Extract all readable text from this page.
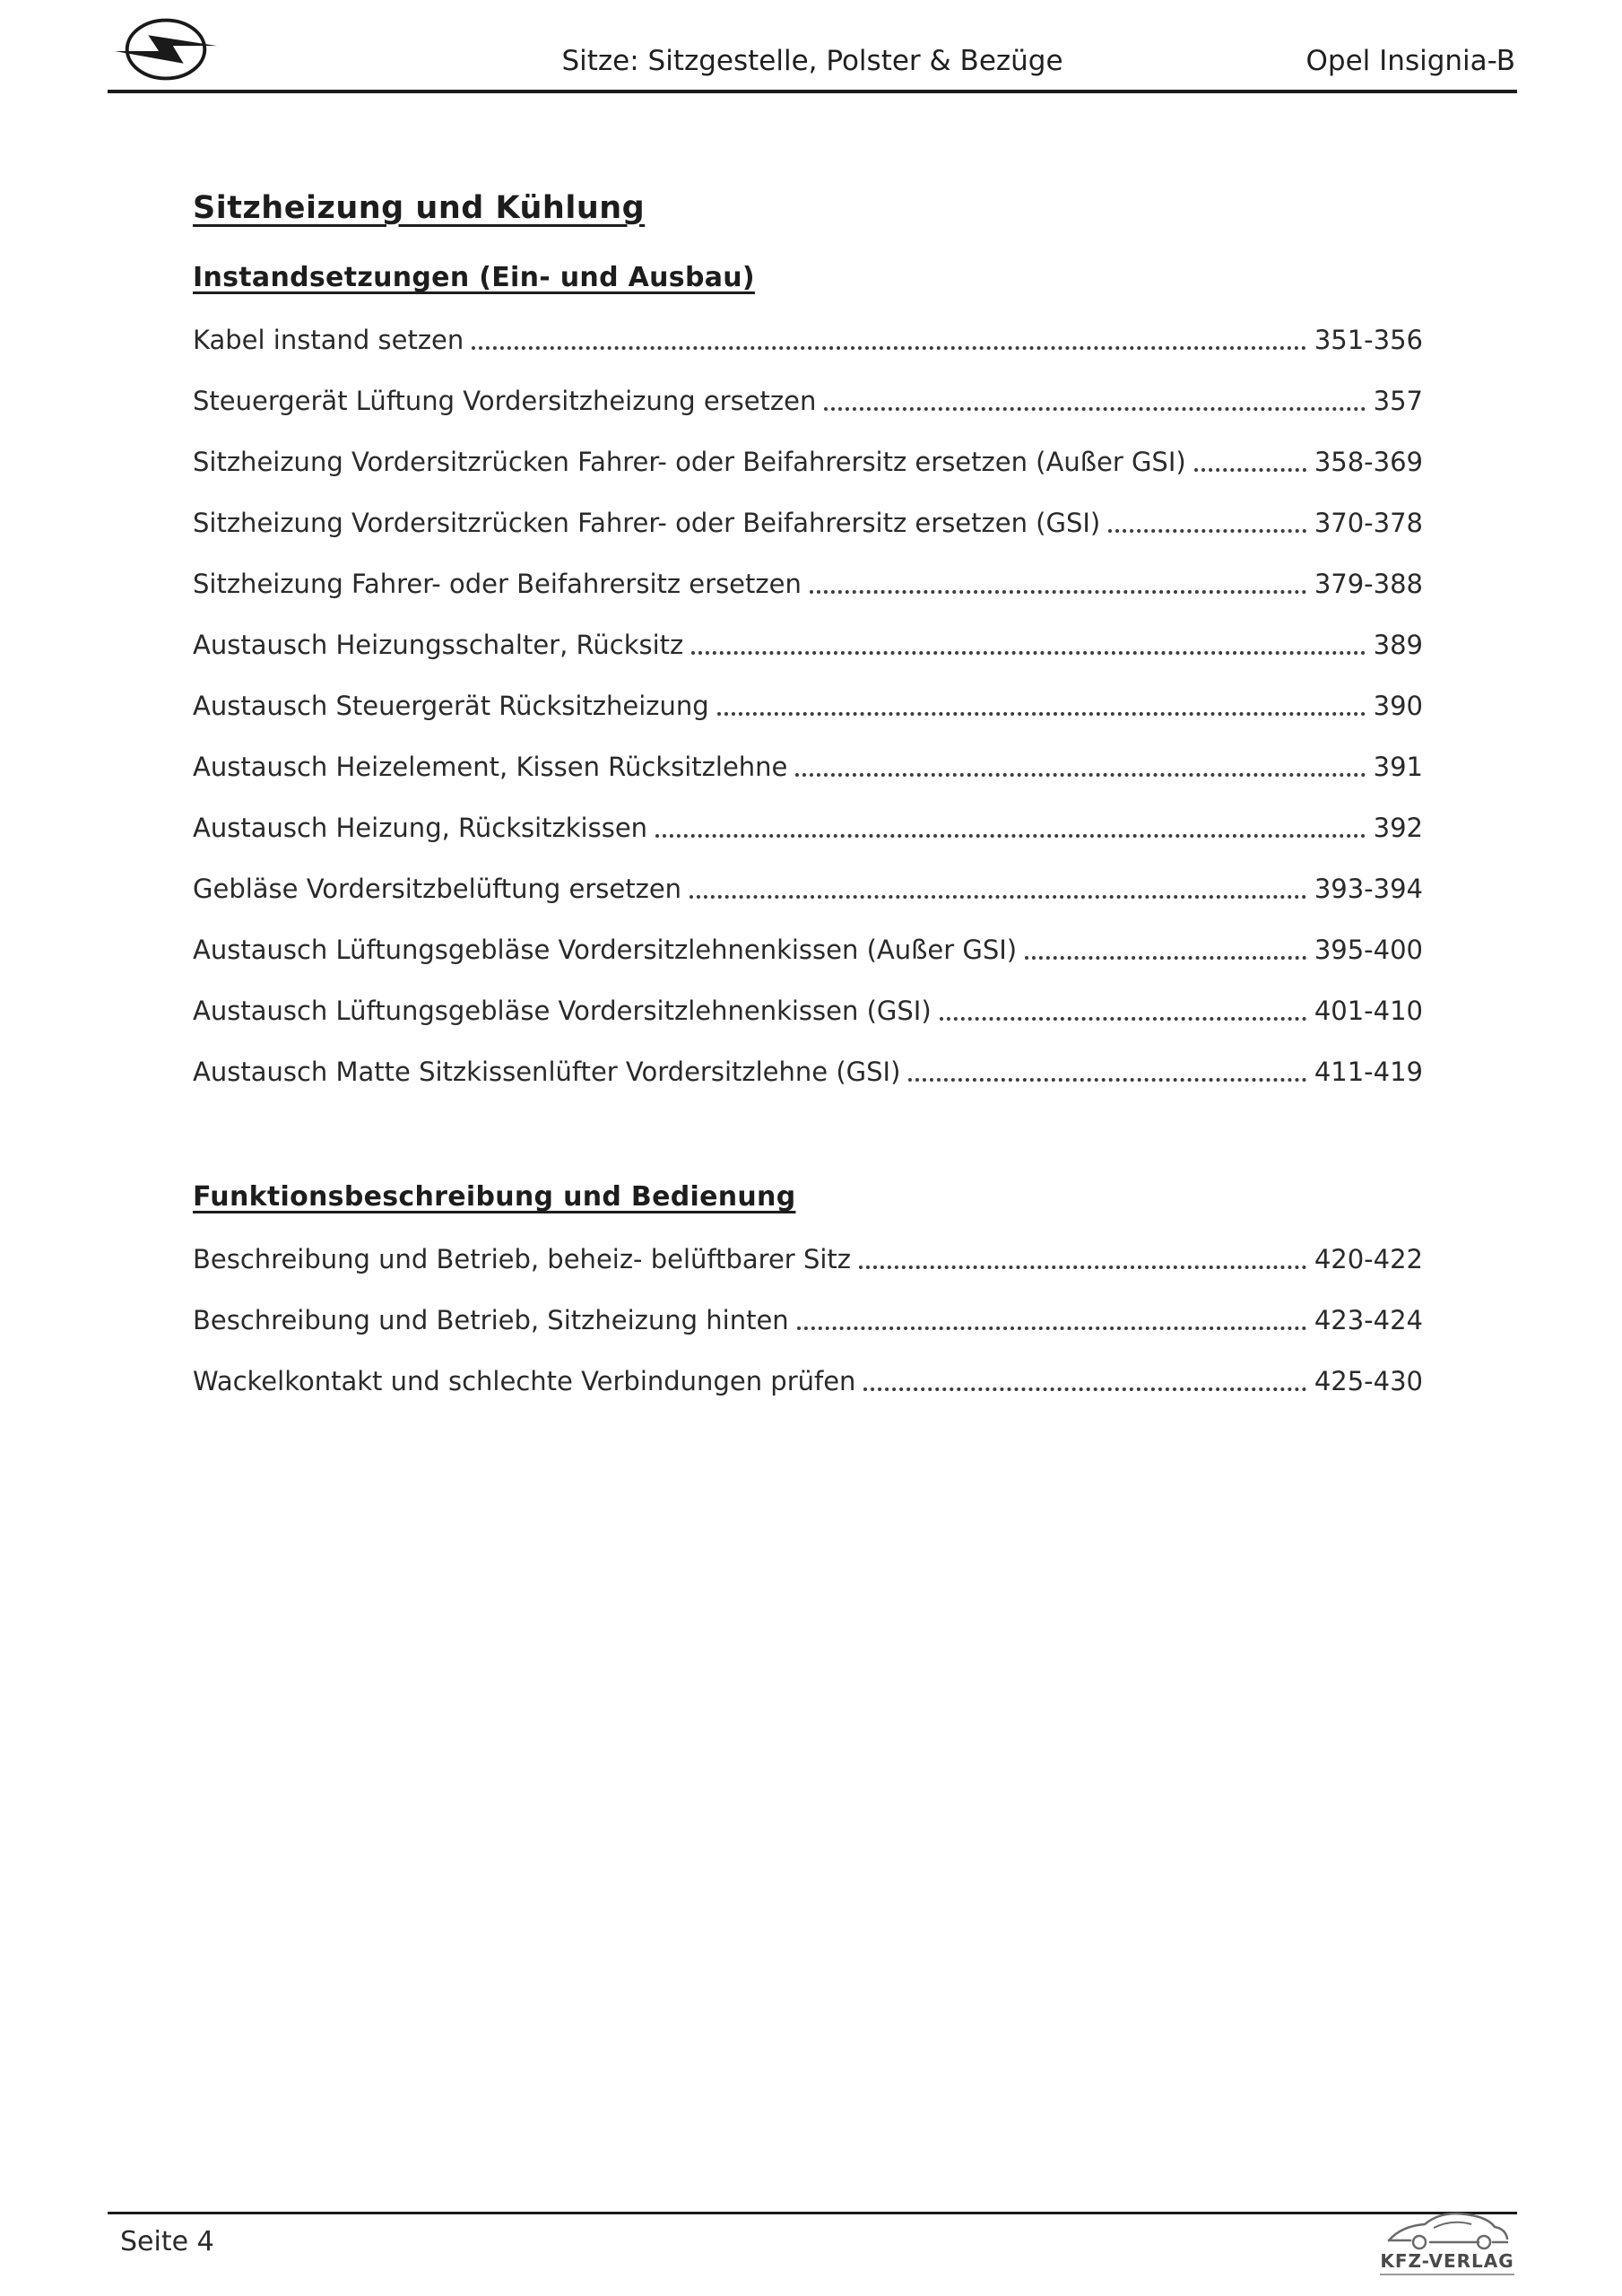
Sitze: Sitzgestelle, Polster & Bezüge	Opel Insignia-B
Sitzheizung und Kühlung
Instandsetzungen (Ein- und Ausbau)
Kabel instand setzen	351-356
Steuergerät Lüftung Vordersitzheizung ersetzen	357
Sitzheizung Vordersitzrücken Fahrer- oder Beifahrersitz ersetzen (Außer GSI)	358-369
Sitzheizung Vordersitzrücken Fahrer- oder Beifahrersitz ersetzen (GSI)	370-378
Sitzheizung Fahrer- oder Beifahrersitz ersetzen	379-388
Austausch Heizungsschalter, Rücksitz	389
Austausch Steuergerät Rücksitzheizung	390
Austausch Heizelement, Kissen Rücksitzlehne	391
Austausch Heizung, Rücksitzkissen	392
Gebläse Vordersitzbelüftung ersetzen	393-394
Austausch Lüftungsgebläse Vordersitzlehnenkissen (Außer GSI)	395-400
Austausch Lüftungsgebläse Vordersitzlehnenkissen (GSI)	401-410
Austausch Matte Sitzkissenlüfter Vordersitzlehne (GSI)	411-419
Funktionsbeschreibung und Bedienung
Beschreibung und Betrieb, beheiz- belüftbarer Sitz	420-422
Beschreibung und Betrieb, Sitzheizung hinten	423-424
Wackelkontakt und schlechte Verbindungen prüfen	425-430
Seite 4
KFZ-VERLAG
